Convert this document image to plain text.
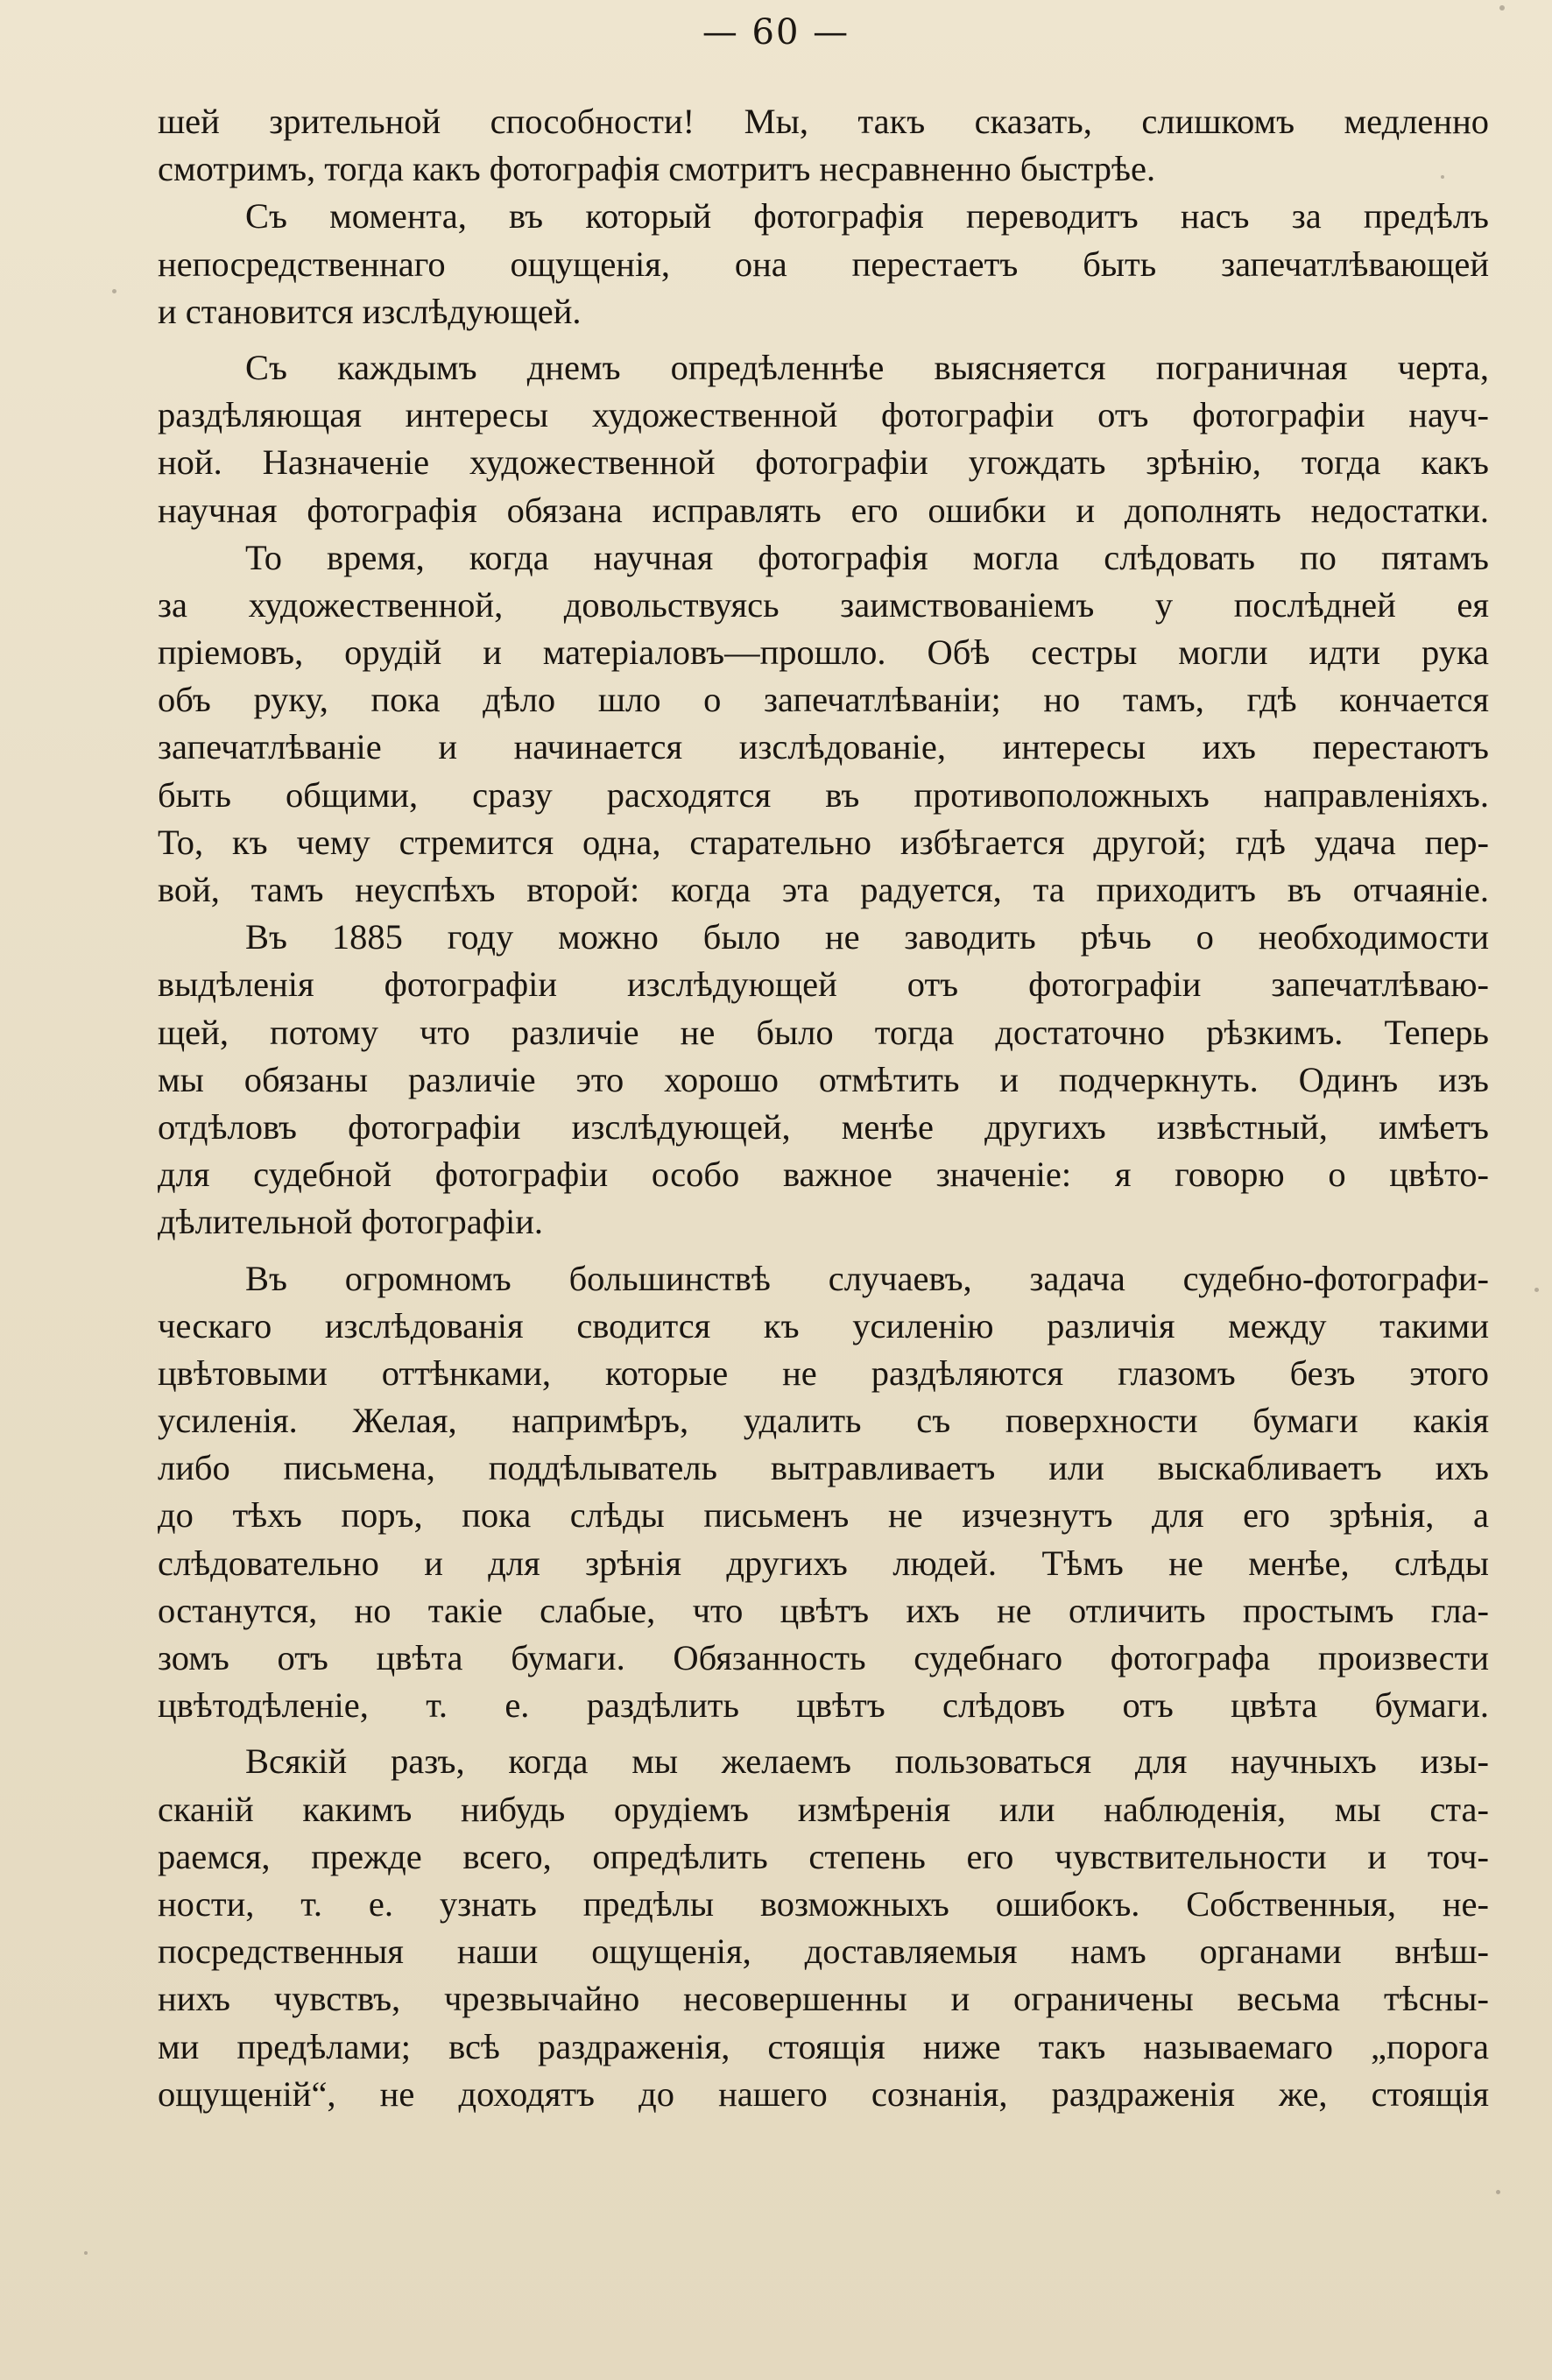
— 60 —
шей зрительной способности! Мы, такъ сказать, слишкомъ медленно
смотримъ, тогда какъ фотографія смотритъ несравненно быстрѣе.
Съ момента, въ который фотографія переводитъ насъ за предѣлъ
непосредственнаго ощущенія, она перестаетъ быть запечатлѣвающей
и становится изслѣдующей.
Съ каждымъ днемъ опредѣленнѣе выясняется пограничная черта,
раздѣляющая интересы художественной фотографіи отъ фотографіи науч-
ной. Назначеніе художественной фотографіи угождать зрѣнію, тогда какъ
научная фотографія обязана исправлять его ошибки и дополнять недостатки.
То время, когда научная фотографія могла слѣдовать по пятамъ
за художественной, довольствуясь заимствованіемъ у послѣдней ея
пріемовъ, орудій и матеріаловъ—прошло. Обѣ сестры могли идти рука
объ руку, пока дѣло шло о запечатлѣваніи; но тамъ, гдѣ кончается
запечатлѣваніе и начинается изслѣдованіе, интересы ихъ перестаютъ
быть общими, сразу расходятся въ противоположныхъ направленіяхъ.
То, къ чему стремится одна, старательно избѣгается другой; гдѣ удача пер-
вой, тамъ неуспѣхъ второй: когда эта радуется, та приходитъ въ отчаяніе.
Въ 1885 году можно было не заводить рѣчь о необходимости
выдѣленія фотографіи изслѣдующей отъ фотографіи запечатлѣваю-
щей, потому что различіе не было тогда достаточно рѣзкимъ. Теперь
мы обязаны различіе это хорошо отмѣтить и подчеркнуть. Одинъ изъ
отдѣловъ фотографіи изслѣдующей, менѣе другихъ извѣстный, имѣетъ
для судебной фотографіи особо важное значеніе: я говорю о цвѣто-
дѣлительной фотографіи.
Въ огромномъ большинствѣ случаевъ, задача судебно-фотографи-
ческаго изслѣдованія сводится къ усиленію различія между такими
цвѣтовыми оттѣнками, которые не раздѣляются глазомъ безъ этого
усиленія. Желая, напримѣръ, удалить съ поверхности бумаги какія
либо письмена, поддѣлыватель вытравливаетъ или выскабливаетъ ихъ
до тѣхъ поръ, пока слѣды письменъ не изчезнутъ для его зрѣнія, а
слѣдовательно и для зрѣнія другихъ людей. Тѣмъ не менѣе, слѣды
останутся, но такіе слабые, что цвѣтъ ихъ не отличить простымъ гла-
зомъ отъ цвѣта бумаги. Обязанность судебнаго фотографа произвести
цвѣтодѣленіе, т. е. раздѣлить цвѣтъ слѣдовъ отъ цвѣта бумаги.
Всякій разъ, когда мы желаемъ пользоваться для научныхъ изы-
сканій какимъ нибудь орудіемъ измѣренія или наблюденія, мы ста-
раемся, прежде всего, опредѣлить степень его чувствительности и точ-
ности, т. е. узнать предѣлы возможныхъ ошибокъ. Собственныя, не-
посредственныя наши ощущенія, доставляемыя намъ органами внѣш-
нихъ чувствъ, чрезвычайно несовершенны и ограничены весьма тѣсны-
ми предѣлами; всѣ раздраженія, стоящія ниже такъ называемаго „порога
ощущеній“, не доходятъ до нашего сознанія, раздраженія же, стоящія
